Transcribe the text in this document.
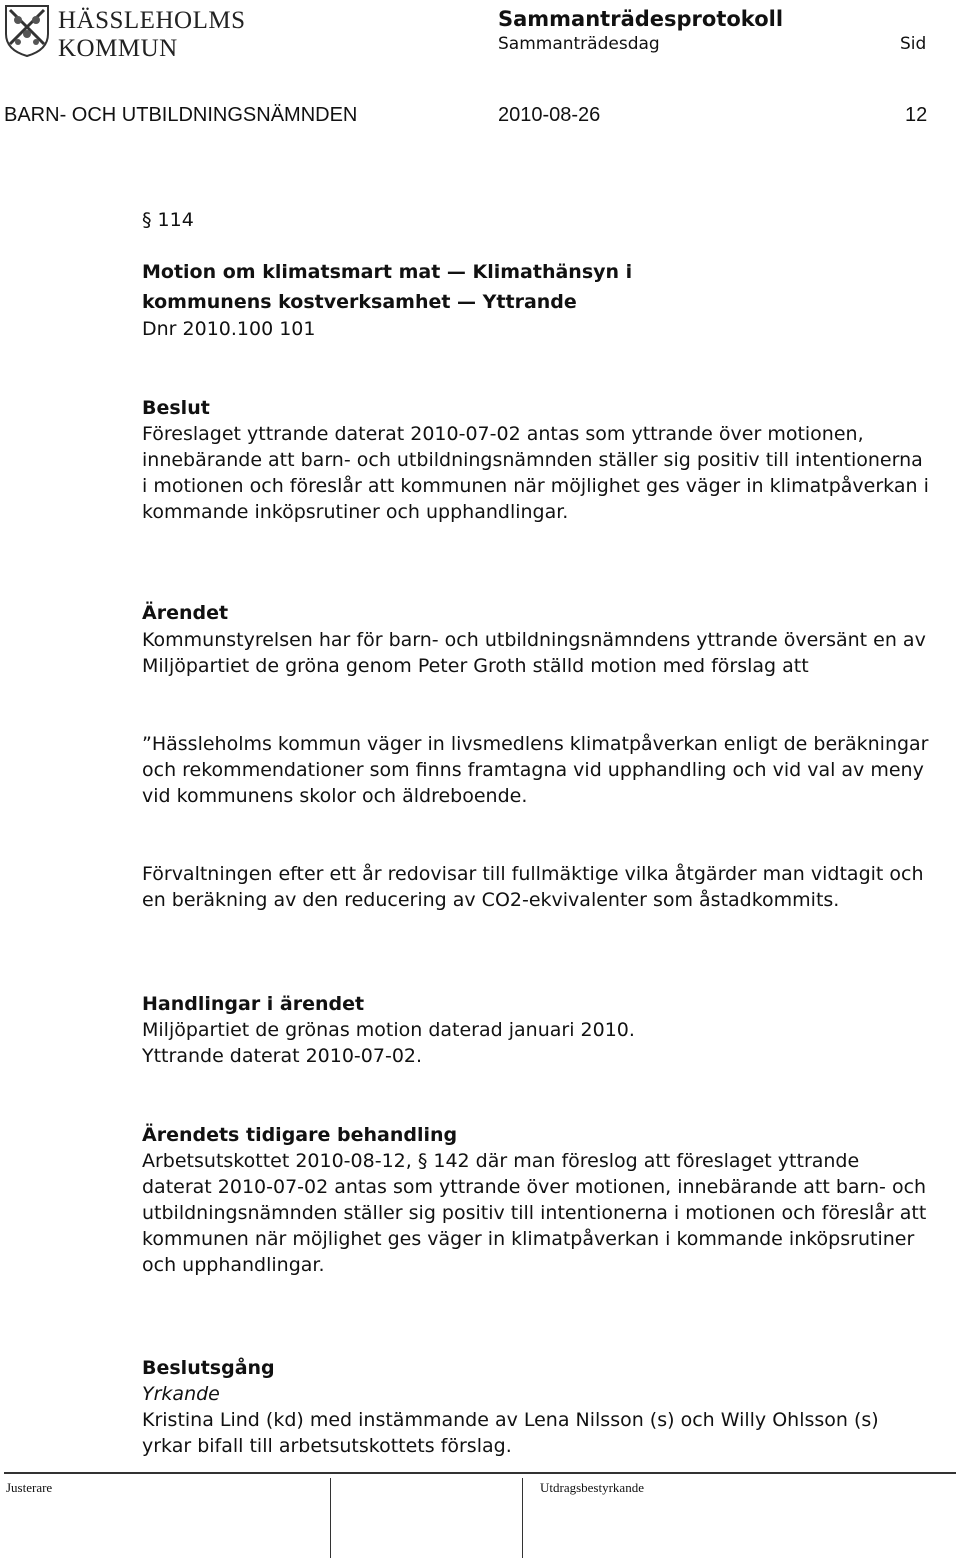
HÄSSLEHOLMS
KOMMUN
Sammanträdesprotokoll
Sammanträdesdag	Sid
BARN- OCH UTBILDNINGSNÄMNDEN	2010-08-26	12
§ 114
Motion om klimatsmart mat — Klimathänsyn i
kommunens kostverksamhet — Yttrande
Dnr 2010.100 101
Beslut
Föreslaget yttrande daterat 2010-07-02 antas som yttrande över motionen, innebärande att barn- och utbildningsnämnden ställer sig positiv till intentionerna i motionen och föreslår att kommunen när möjlighet ges väger in klimatpåverkan i kommande inköpsrutiner och upphandlingar.
Ärendet
Kommunstyrelsen har för barn- och utbildningsnämndens yttrande översänt en av Miljöpartiet de gröna genom Peter Groth ställd motion med förslag att
”Hässleholms kommun väger in livsmedlens klimatpåverkan enligt de beräkningar och rekommendationer som finns framtagna vid upphandling och vid val av meny vid kommunens skolor och äldreboende.
Förvaltningen efter ett år redovisar till fullmäktige vilka åtgärder man vidtagit och en beräkning av den reducering av CO2-ekvivalenter som åstadkommits.
Handlingar i ärendet
Miljöpartiet de grönas motion daterad januari 2010.
Yttrande daterat 2010-07-02.
Ärendets tidigare behandling
Arbetsutskottet 2010-08-12, § 142 där man föreslog att föreslaget yttrande daterat 2010-07-02 antas som yttrande över motionen, innebärande att barn- och utbildningsnämnden ställer sig positiv till intentionerna i motionen och föreslår att kommunen när möjlighet ges väger in klimatpåverkan i kommande inköpsrutiner och upphandlingar.
Beslutsgång
Yrkande
Kristina Lind (kd) med instämmande av Lena Nilsson (s) och Willy Ohlsson (s) yrkar bifall till arbetsutskottets förslag.
Justerare	Utdragsbestyrkande
